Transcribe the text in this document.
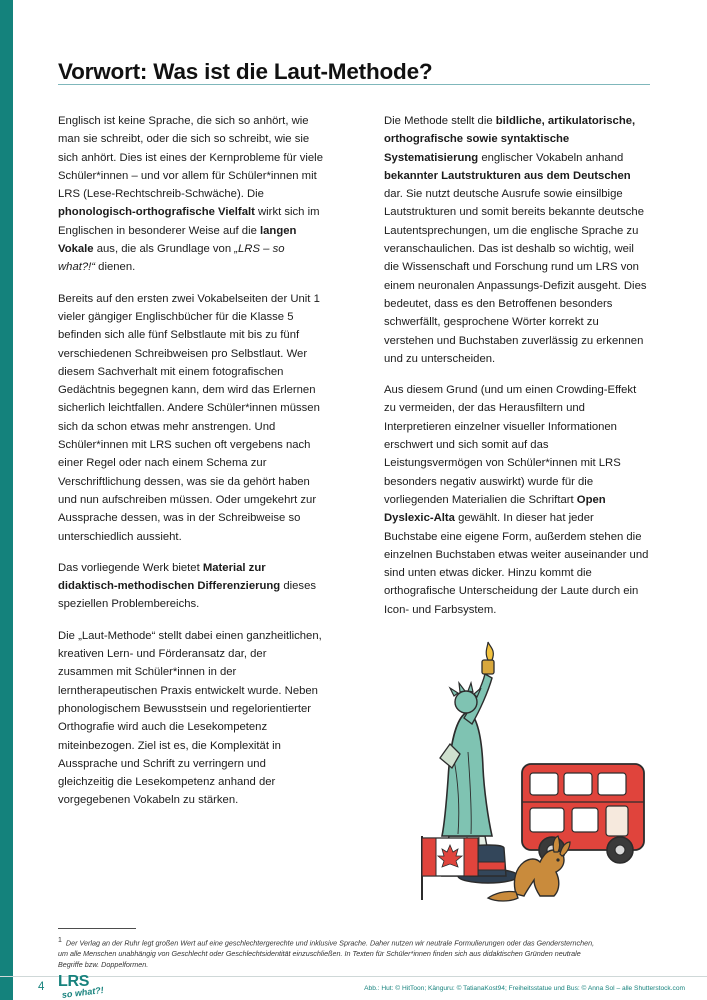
Vorwort: Was ist die Laut-Methode?

Englisch ist keine Sprache, die sich so anhört, wie man sie schreibt, oder die sich so schreibt, wie sie sich anhört. Dies ist eines der Kernprobleme für viele Schüler*innen – und vor allem für Schüler*innen mit LRS (Lese-Rechtschreib-Schwäche). Die phonologisch-orthografische Vielfalt wirkt sich im Englischen in besonderer Weise auf die langen Vokale aus, die als Grundlage von „LRS – so what?!“ dienen.

Bereits auf den ersten zwei Vokabelseiten der Unit 1 vieler gängiger Englischbücher für die Klasse 5 befinden sich alle fünf Selbstlaute mit bis zu fünf verschiedenen Schreibweisen pro Selbstlaut. Wer diesem Sachverhalt mit einem fotografischen Gedächtnis begegnen kann, dem wird das Erlernen sicherlich leichtfallen. Andere Schüler*innen müssen sich da schon etwas mehr anstrengen. Und Schüler*innen mit LRS suchen oft vergebens nach einer Regel oder nach einem Schema zur Verschriftlichung dessen, was sie da gehört haben und nun aufschreiben müssen. Oder umgekehrt zur Aussprache dessen, was in der Schreibweise so unterschiedlich aussieht.

Das vorliegende Werk bietet Material zur didaktisch-methodischen Differenzierung dieses speziellen Problembereichs.

Die „Laut-Methode“ stellt dabei einen ganzheitlichen, kreativen Lern- und Förderansatz dar, der zusammen mit Schüler*innen in der lerntherapeutischen Praxis entwickelt wurde. Neben phonologischem Bewusstsein und regelorientierter Orthografie wird auch die Lesekompetenz miteinbezogen. Ziel ist es, die Komplexität in Aussprache und Schrift zu verringern und gleichzeitig die Lesekompetenz anhand der vorgegebenen Vokabeln zu stärken.

Die Methode stellt die bildliche, artikulatorische, orthografische sowie syntaktische Systematisierung englischer Vokabeln anhand bekannter Lautstrukturen aus dem Deutschen dar. Sie nutzt deutsche Ausrufe sowie einsilbige Lautstrukturen und somit bereits bekannte deutsche Lautentsprechungen, um die englische Sprache zu veranschaulichen. Das ist deshalb so wichtig, weil die Wissenschaft und Forschung rund um LRS von einem neuronalen Anpassungs-Defizit ausgeht. Dies bedeutet, dass es den Betroffenen besonders schwerfällt, gesprochene Wörter korrekt zu verstehen und Buchstaben zuverlässig zu erkennen und zu unterscheiden.

Aus diesem Grund (und um einen Crowding-Effekt zu vermeiden, der das Herausfiltern und Interpretieren einzelner visueller Informationen erschwert und sich somit auf das Leistungsvermögen von Schüler*innen mit LRS besonders negativ auswirkt) wurde für die vorliegenden Materialien die Schriftart Open Dyslexic-Alta gewählt. In dieser hat jeder Buchstabe eine eigene Form, außerdem stehen die einzelnen Buchstaben etwas weiter auseinander und sind unten etwas dicker. Hinzu kommt die orthografische Unterscheidung der Laute durch ein Icon- und Farbsystem.

$^1$ Der Verlag an der Ruhr legt großen Wert auf eine geschlechtergerechte und inklusive Sprache. Daher nutzen wir neutrale Formulierungen oder das Gendersternchen, um alle Menschen unabhängig von Geschlecht oder Geschlechtsidentität einzuschließen. In Texten für Schüler*innen finden sich aus didaktischen Gründen neutrale Begriffe bzw. Doppelformen.
4 LRS
so what?!	Abb.: Hut: © HitToon; Känguru: © TatianaKost94; Freiheitsstatue und Bus: © Anna Sol – alle Shutterstock.com
